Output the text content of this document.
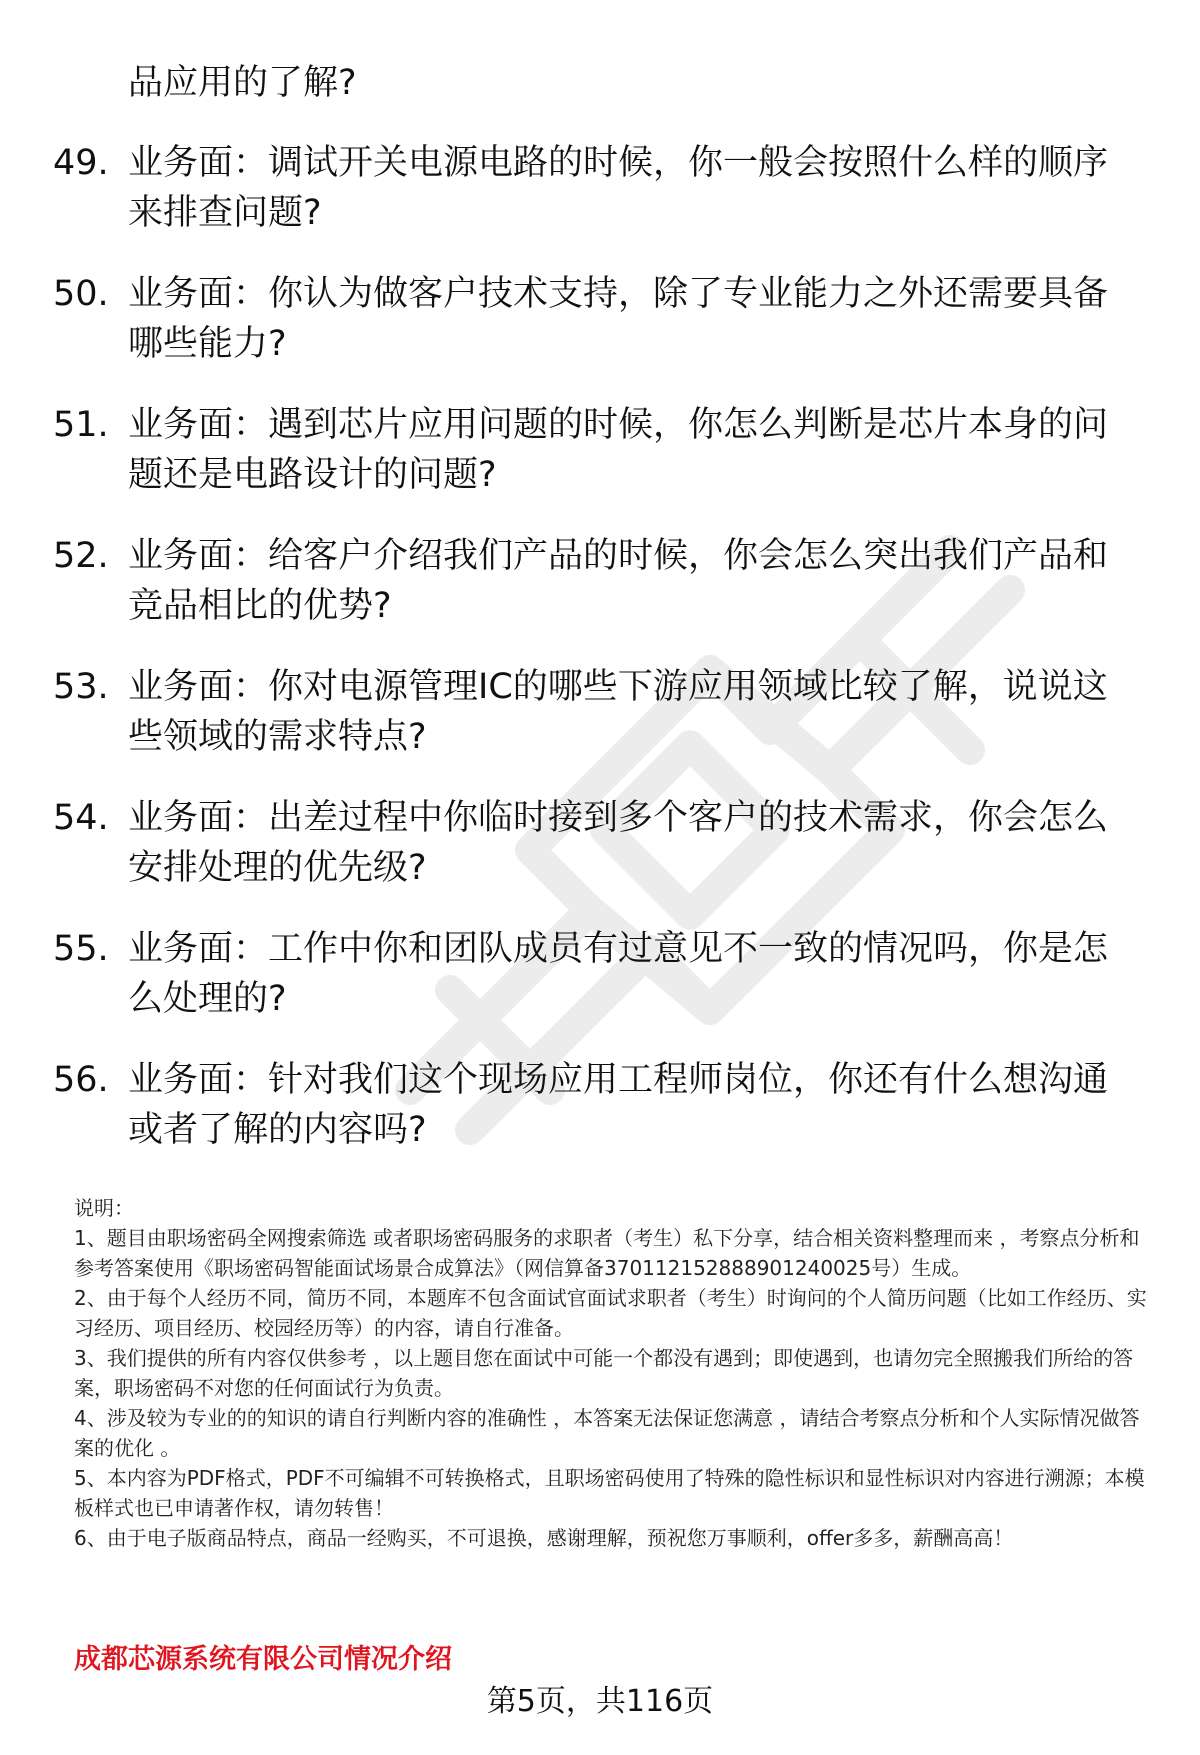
品应用的了解?

49. 业务面：调试开关电源电路的时候，你一般会按照什么样的顺序来排查问题?
50. 业务面：你认为做客户技术支持，除了专业能力之外还需要具备哪些能力?
51. 业务面：遇到芯片应用问题的时候，你怎么判断是芯片本身的问题还是电路设计的问题?
52. 业务面：给客户介绍我们产品的时候，你会怎么突出我们产品和竞品相比的优势?
53. 业务面：你对电源管理IC的哪些下游应用领域比较了解，说说这些领域的需求特点?
54. 业务面：出差过程中你临时接到多个客户的技术需求，你会怎么安排处理的优先级?
55. 业务面：工作中你和团队成员有过意见不一致的情况吗，你是怎么处理的?
56. 业务面：针对我们这个现场应用工程师岗位，你还有什么想沟通或者了解的内容吗?

说明：

1、题目由职场密码全网搜索筛选 或者职场密码服务的求职者（考生）私下分享，结合相关资料整理而来 ，考察点分析和参考答案使用《职场密码智能面试场景合成算法》（网信算备370112152888901240025号）生成。

2、由于每个人经历不同，简历不同，本题库不包含面试官面试求职者（考生）时询问的个人简历问题（比如工作经历、实习经历、项目经历、校园经历等）的内容，请自行准备。

3、我们提供的所有内容仅供参考 ，以上题目您在面试中可能一个都没有遇到；即使遇到，也请勿完全照搬我们所给的答案，职场密码不对您的任何面试行为负责。

4、涉及较为专业的的知识的请自行判断内容的准确性 ，本答案无法保证您满意 ，请结合考察点分析和个人实际情况做答案的优化 。

5、本内容为PDF格式，PDF不可编辑不可转换格式，且职场密码使用了特殊的隐性标识和显性标识对内容进行溯源；本模板样式也已申请著作权，请勿转售！

6、由于电子版商品特点，商品一经购买，不可退换，感谢理解，预祝您万事顺利，offer多多，薪酬高高！

成都芯源系统有限公司情况介绍
第5页，共116页
